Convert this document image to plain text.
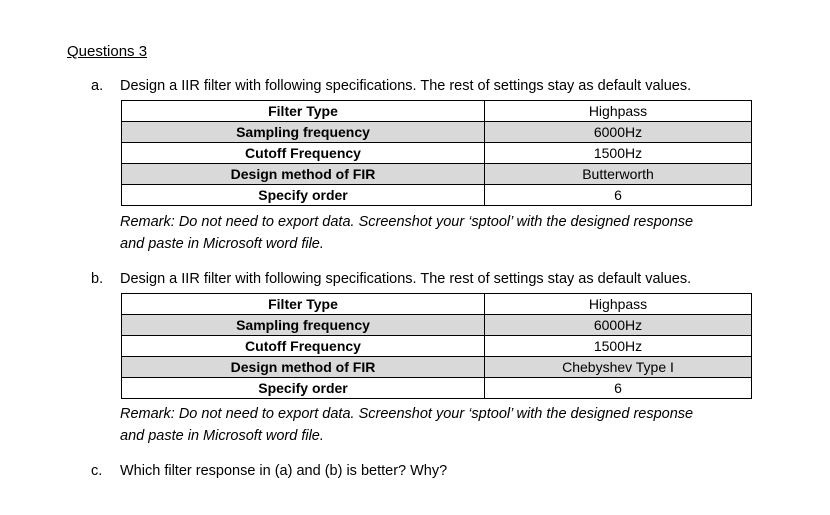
Questions 3
a. Design a IIR filter with following specifications. The rest of settings stay as default values.
Filter Type	Highpass
Sampling frequency	6000Hz
Cutoff Frequency	1500Hz
Design method of FIR	Butterworth
Specify order	6
Remark: Do not need to export data. Screenshot your ‘sptool’ with the designed response
and paste in Microsoft word file.
b. Design a IIR filter with following specifications. The rest of settings stay as default values.
Filter Type	Highpass
Sampling frequency	6000Hz
Cutoff Frequency	1500Hz
Design method of FIR	Chebyshev Type I
Specify order	6
Remark: Do not need to export data. Screenshot your ‘sptool’ with the designed response
and paste in Microsoft word file.
c. Which filter response in (a) and (b) is better? Why?
